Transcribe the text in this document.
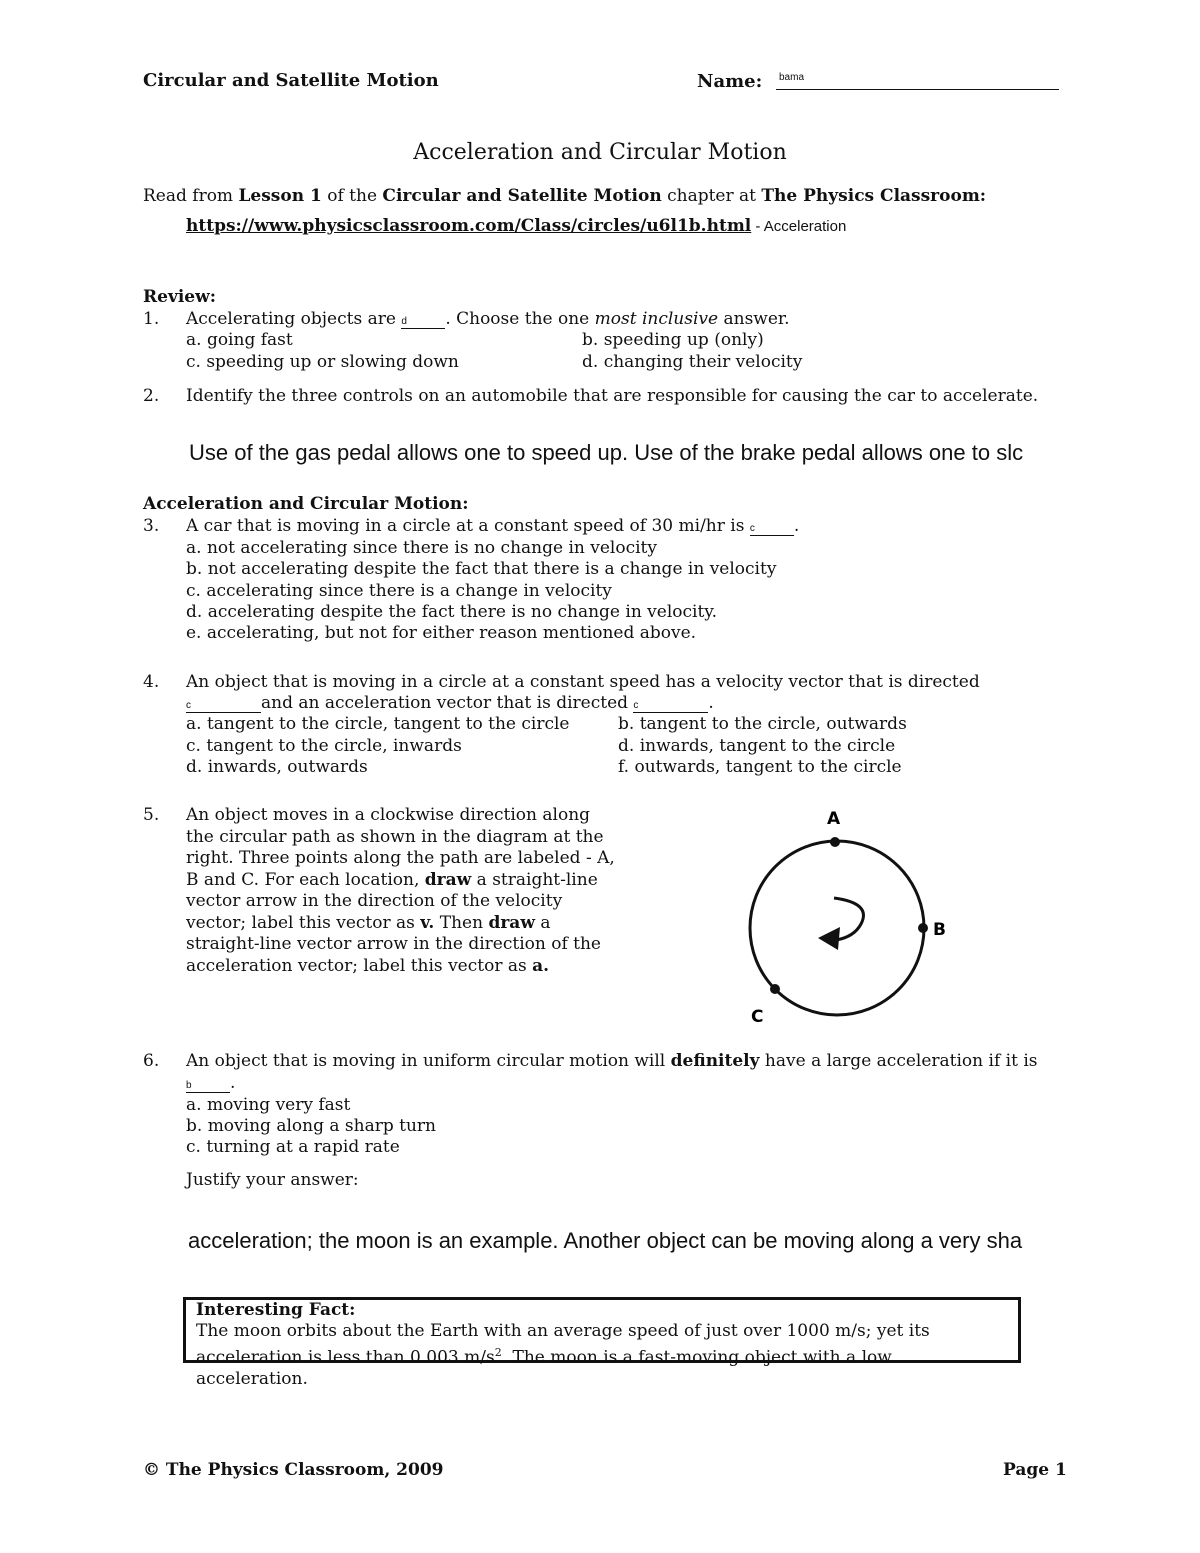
Circular and Satellite Motion	Name: bama
Acceleration and Circular Motion
Read from Lesson 1 of the Circular and Satellite Motion chapter at The Physics Classroom:
https://www.physicsclassroom.com/Class/circles/u6l1b.html - Acceleration
Review:
1. Accelerating objects are d . Choose the one most inclusive answer.
a. going fast	b. speeding up (only)
c. speeding up or slowing down	d. changing their velocity
2. Identify the three controls on an automobile that are responsible for causing the car to accelerate.
Use of the gas pedal allows one to speed up. Use of the brake pedal allows one to slc
Acceleration and Circular Motion:
3. A car that is moving in a circle at a constant speed of 30 mi/hr is c .
a. not accelerating since there is no change in velocity
b. not accelerating despite the fact that there is a change in velocity
c. accelerating since there is a change in velocity
d. accelerating despite the fact there is no change in velocity.
e. accelerating, but not for either reason mentioned above.
4. An object that is moving in a circle at a constant speed has a velocity vector that is directed
c	and an acceleration vector that is directed c	.
a. tangent to the circle, tangent to the circle	b. tangent to the circle, outwards
c. tangent to the circle, inwards	d. inwards, tangent to the circle
d. inwards, outwards	f. outwards, tangent to the circle
5. An object moves in a clockwise direction along
the circular path as shown in the diagram at the
right. Three points along the path are labeled - A,
B and C. For each location, draw a straight-line
vector arrow in the direction of the velocity
vector; label this vector as v. Then draw a
straight-line vector arrow in the direction of the
acceleration vector; label this vector as a.
A
B
C
6. An object that is moving in uniform circular motion will definitely have a large acceleration if it is
b .
a. moving very fast
b. moving along a sharp turn
c. turning at a rapid rate
Justify your answer:
acceleration; the moon is an example. Another object can be moving along a very sha
Interesting Fact:
The moon orbits about the Earth with an average speed of just over 1000 m/s; yet its
acceleration is less than 0.003 $m/s^2$. The moon is a fast-moving object with a low acceleration.
© The Physics Classroom, 2009	Page 1
